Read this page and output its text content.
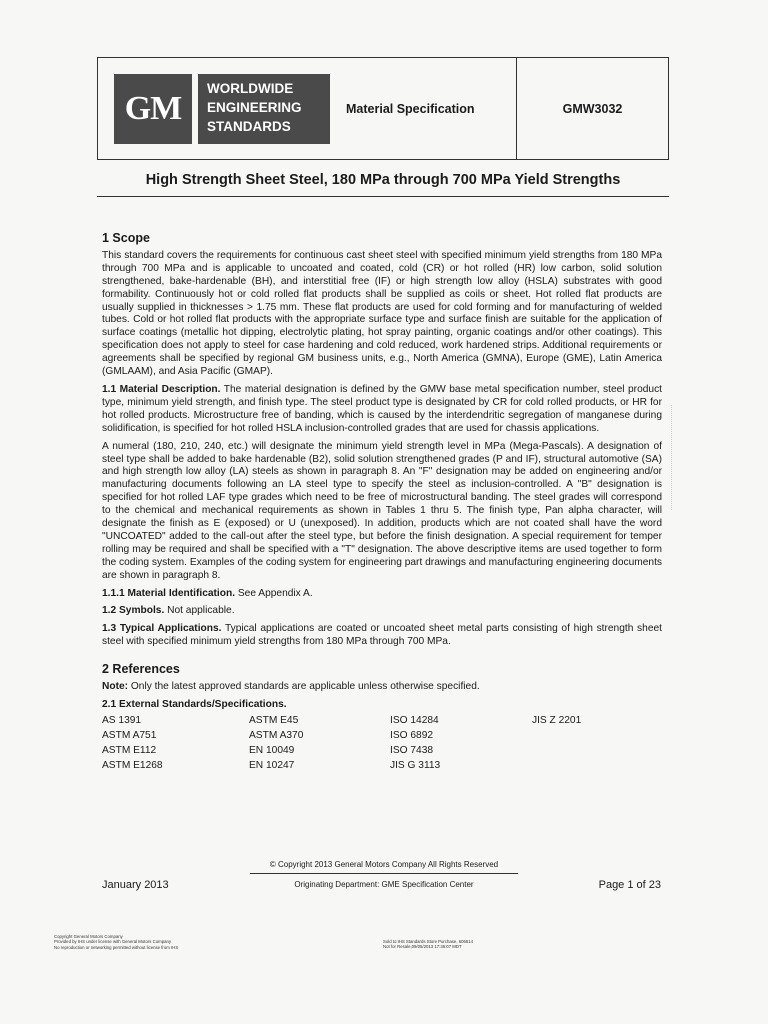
GM
WORLDWIDE
ENGINEERING
STANDARDS
Material Specification	GMW3032
High Strength Sheet Steel, 180 MPa through 700 MPa Yield Strengths
1 Scope

This standard covers the requirements for continuous cast sheet steel with specified minimum yield strengths from 180 MPa through 700 MPa and is applicable to uncoated and coated, cold (CR) or hot rolled (HR) low carbon, solid solution strengthened, bake-hardenable (BH), and interstitial free (IF) or high strength low alloy (HSLA) substrates with good formability. Continuously hot or cold rolled flat products shall be supplied as coils or sheet. Hot rolled flat products are usually supplied in thicknesses > 1.75 mm. These flat products are used for cold forming and for manufacturing of welded tubes. Cold or hot rolled flat products with the appropriate surface type and surface finish are suitable for the application of surface coatings (metallic hot dipping, electrolytic plating, hot spray painting, organic coatings and/or other coatings). This specification does not apply to steel for case hardening and cold reduced, work hardened strips. Additional requirements or agreements shall be specified by regional GM business units, e.g., North America (GMNA), Europe (GME), Latin America (GMLAAM), and Asia Pacific (GMAP).

1.1 Material Description. The material designation is defined by the GMW base metal specification number, steel product type, minimum yield strength, and finish type. The steel product type is designated by CR for cold rolled products, or HR for hot rolled products. Microstructure free of banding, which is caused by the interdendritic segregation of manganese during solidification, is specified for hot rolled HSLA inclusion-controlled grades that are used for chassis applications.

A numeral (180, 210, 240, etc.) will designate the minimum yield strength level in MPa (Mega-Pascals). A designation of steel type shall be added to bake hardenable (B2), solid solution strengthened grades (P and IF), structural automotive (SA) and high strength low alloy (LA) steels as shown in paragraph 8. An "F" designation may be added on engineering and/or manufacturing documents following an LA steel type to specify the steel as inclusion-controlled. A "B" designation is specified for hot rolled LAF type grades which need to be free of microstructural banding. The steel grades will correspond to the chemical and mechanical requirements as shown in Tables 1 thru 5. The finish type, Pan alpha character, will designate the finish as E (exposed) or U (unexposed). In addition, products which are not coated shall have the word "UNCOATED" added to the call-out after the steel type, but before the finish designation. A special requirement for temper rolling may be required and shall be specified with a "T" designation. The above descriptive items are used together to form the coding system. Examples of the coding system for engineering part drawings and manufacturing engineering documents are shown in paragraph 8.

1.1.1 Material Identification. See Appendix A.

1.2 Symbols. Not applicable.

1.3 Typical Applications. Typical applications are coated or uncoated sheet metal parts consisting of high strength sheet steel with specified minimum yield strengths from 180 MPa through 700 MPa.

2 References

Note: Only the latest approved standards are applicable unless otherwise specified.

2.1 External Standards/Specifications.

AS 1391	ASTM E45	ISO 14284	JIS Z 2201
ASTM A751	ASTM A370	ISO 6892
ASTM E112	EN 10049	ISO 7438
ASTM E1268	EN 10247	JIS G 3113
© Copyright 2013 General Motors Company All Rights Reserved
January 2013	Originating Department: GME Specification Center	Page 1 of 23
Copyright General Motors Company
Provided by IHS under license with General Motors Company
No reproduction or networking permitted without license from IHS
Sold to:IHS Standards Store Purchase, 606514
Not for Resale,09/05/2013 17:36:07 MDT
